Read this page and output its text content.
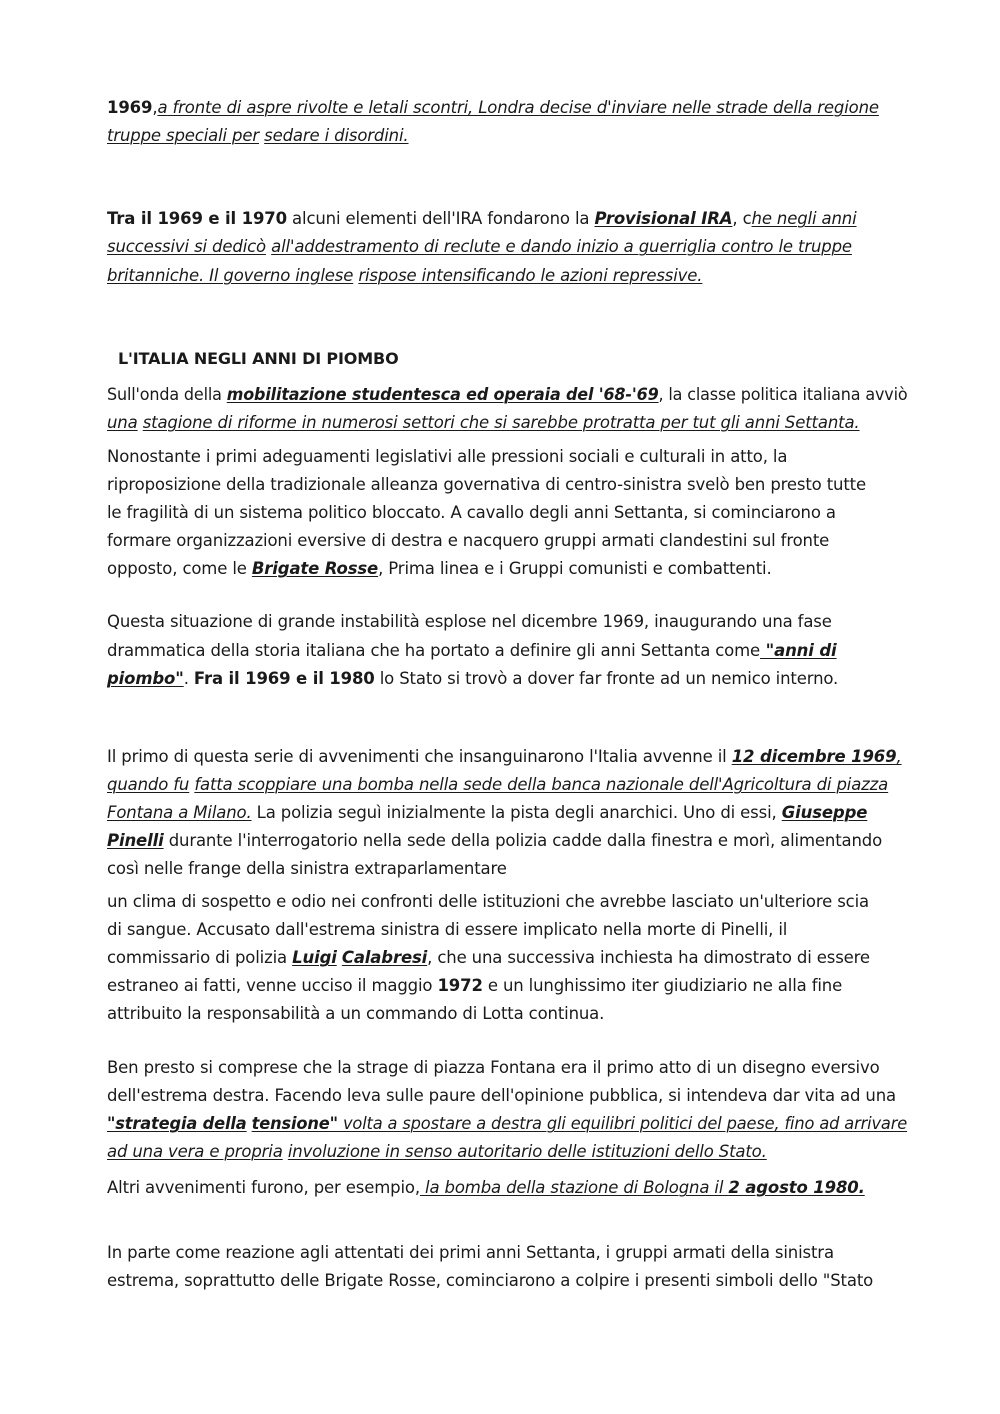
1969,a fronte di aspre rivolte e letali scontri, Londra decise d'inviare nelle strade della regione
truppe speciali per sedare i disordini.
Tra il 1969 e il 1970 alcuni elementi dell'IRA fondarono la Provisional IRA, che negli anni
successivi si dedicò all'addestramento di reclute e dando inizio a guerriglia contro le truppe
britanniche. Il governo inglese rispose intensificando le azioni repressive.
L'ITALIA NEGLI ANNI DI PIOMBO
Sull'onda della mobilitazione studentesca ed operaia del '68-'69, la classe politica italiana avviò
una stagione di riforme in numerosi settori che si sarebbe protratta per tut gli anni Settanta.
Nonostante i primi adeguamenti legislativi alle pressioni sociali e culturali in atto, la
riproposizione della tradizionale alleanza governativa di centro-sinistra svelò ben presto tutte
le fragilità di un sistema politico bloccato. A cavallo degli anni Settanta, si cominciarono a
formare organizzazioni eversive di destra e nacquero gruppi armati clandestini sul fronte
opposto, come le Brigate Rosse, Prima linea e i Gruppi comunisti e combattenti.
Questa situazione di grande instabilità esplose nel dicembre 1969, inaugurando una fase
drammatica della storia italiana che ha portato a definire gli anni Settanta come "anni di
piombo". Fra il 1969 e il 1980 lo Stato si trovò a dover far fronte ad un nemico interno.
Il primo di questa serie di avvenimenti che insanguinarono l'Italia avvenne il 12 dicembre 1969,
quando fu fatta scoppiare una bomba nella sede della banca nazionale dell'Agricoltura di piazza
Fontana a Milano. La polizia seguì inizialmente la pista degli anarchici. Uno di essi, Giuseppe
Pinelli durante l'interrogatorio nella sede della polizia cadde dalla finestra e morì, alimentando
così nelle frange della sinistra extraparlamentare
un clima di sospetto e odio nei confronti delle istituzioni che avrebbe lasciato un'ulteriore scia
di sangue. Accusato dall'estrema sinistra di essere implicato nella morte di Pinelli, il
commissario di polizia Luigi Calabresi, che una successiva inchiesta ha dimostrato di essere
estraneo ai fatti, venne ucciso il maggio 1972 e un lunghissimo iter giudiziario ne alla fine
attribuito la responsabilità a un commando di Lotta continua.
Ben presto si comprese che la strage di piazza Fontana era il primo atto di un disegno eversivo
dell'estrema destra. Facendo leva sulle paure dell'opinione pubblica, si intendeva dar vita ad una
"strategia della tensione" volta a spostare a destra gli equilibri politici del paese, fino ad arrivare
ad una vera e propria involuzione in senso autoritario delle istituzioni dello Stato.
Altri avvenimenti furono, per esempio, la bomba della stazione di Bologna il 2 agosto 1980.
In parte come reazione agli attentati dei primi anni Settanta, i gruppi armati della sinistra
estrema, soprattutto delle Brigate Rosse, cominciarono a colpire i presenti simboli dello "Stato
